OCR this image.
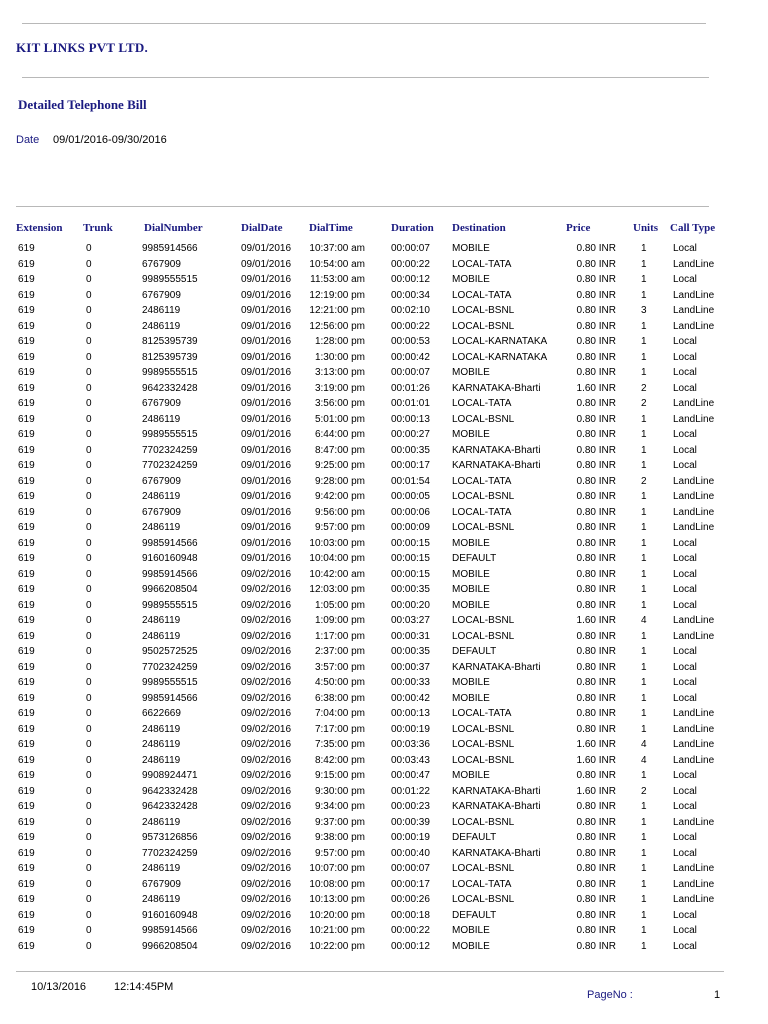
KIT LINKS PVT LTD.
Detailed Telephone Bill
Date 09/01/2016-09/30/2016
Extension Trunk	DialNumber	DialDate DialTime	Duration Destination	Price	Units Call Type
619	0	9985914566	09/01/2016 10:37:00 am	00:00:07 MOBILE	0.80 INR	1	Local
619	0	6767909	09/01/2016 10:54:00 am	00:00:22 LOCAL-TATA	0.80 INR	1	LandLine
619	0	9989555515	09/01/2016 11:53:00 am	00:00:12 MOBILE	0.80 INR	1	Local
619	0	6767909	09/01/2016 12:19:00 pm	00:00:34 LOCAL-TATA	0.80 INR	1	LandLine
619	0	2486119	09/01/2016 12:21:00 pm	00:02:10 LOCAL-BSNL	0.80 INR	3	LandLine
619	0	2486119	09/01/2016 12:56:00 pm	00:00:22 LOCAL-BSNL	0.80 INR	1	LandLine
619	0	8125395739	09/01/2016	1:28:00 pm	00:00:53 LOCAL-KARNATAKA	0.80 INR	1	Local
619	0	8125395739	09/01/2016	1:30:00 pm	00:00:42 LOCAL-KARNATAKA	0.80 INR	1	Local
619	0	9989555515	09/01/2016	3:13:00 pm	00:00:07 MOBILE	0.80 INR	1	Local
619	0	9642332428	09/01/2016	3:19:00 pm	00:01:26 KARNATAKA-Bharti	1.60 INR	2	Local
619	0	6767909	09/01/2016	3:56:00 pm	00:01:01 LOCAL-TATA	0.80 INR	2	LandLine
619	0	2486119	09/01/2016	5:01:00 pm	00:00:13 LOCAL-BSNL	0.80 INR	1	LandLine
619	0	9989555515	09/01/2016	6:44:00 pm	00:00:27 MOBILE	0.80 INR	1	Local
619	0	7702324259	09/01/2016	8:47:00 pm	00:00:35 KARNATAKA-Bharti	0.80 INR	1	Local
619	0	7702324259	09/01/2016	9:25:00 pm	00:00:17 KARNATAKA-Bharti	0.80 INR	1	Local
619	0	6767909	09/01/2016	9:28:00 pm	00:01:54 LOCAL-TATA	0.80 INR	2	LandLine
619	0	2486119	09/01/2016	9:42:00 pm	00:00:05 LOCAL-BSNL	0.80 INR	1	LandLine
619	0	6767909	09/01/2016	9:56:00 pm	00:00:06 LOCAL-TATA	0.80 INR	1	LandLine
619	0	2486119	09/01/2016	9:57:00 pm	00:00:09 LOCAL-BSNL	0.80 INR	1	LandLine
619	0	9985914566	09/01/2016 10:03:00 pm	00:00:15 MOBILE	0.80 INR	1	Local
619	0	9160160948	09/01/2016 10:04:00 pm	00:00:15 DEFAULT	0.80 INR	1	Local
619	0	9985914566	09/02/2016 10:42:00 am	00:00:15 MOBILE	0.80 INR	1	Local
619	0	9966208504	09/02/2016 12:03:00 pm	00:00:35 MOBILE	0.80 INR	1	Local
619	0	9989555515	09/02/2016	1:05:00 pm	00:00:20 MOBILE	0.80 INR	1	Local
619	0	2486119	09/02/2016	1:09:00 pm	00:03:27 LOCAL-BSNL	1.60 INR	4	LandLine
619	0	2486119	09/02/2016	1:17:00 pm	00:00:31 LOCAL-BSNL	0.80 INR	1	LandLine
619	0	9502572525	09/02/2016	2:37:00 pm	00:00:35 DEFAULT	0.80 INR	1	Local
619	0	7702324259	09/02/2016	3:57:00 pm	00:00:37 KARNATAKA-Bharti	0.80 INR	1	Local
619	0	9989555515	09/02/2016	4:50:00 pm	00:00:33 MOBILE	0.80 INR	1	Local
619	0	9985914566	09/02/2016	6:38:00 pm	00:00:42 MOBILE	0.80 INR	1	Local
619	0	6622669	09/02/2016	7:04:00 pm	00:00:13 LOCAL-TATA	0.80 INR	1	LandLine
619	0	2486119	09/02/2016	7:17:00 pm	00:00:19 LOCAL-BSNL	0.80 INR	1	LandLine
619	0	2486119	09/02/2016	7:35:00 pm	00:03:36 LOCAL-BSNL	1.60 INR	4	LandLine
619	0	2486119	09/02/2016	8:42:00 pm	00:03:43 LOCAL-BSNL	1.60 INR	4	LandLine
619	0	9908924471	09/02/2016	9:15:00 pm	00:00:47 MOBILE	0.80 INR	1	Local
619	0	9642332428	09/02/2016	9:30:00 pm	00:01:22 KARNATAKA-Bharti	1.60 INR	2	Local
619	0	9642332428	09/02/2016	9:34:00 pm	00:00:23 KARNATAKA-Bharti	0.80 INR	1	Local
619	0	2486119	09/02/2016	9:37:00 pm	00:00:39 LOCAL-BSNL	0.80 INR	1	LandLine
619	0	9573126856	09/02/2016	9:38:00 pm	00:00:19 DEFAULT	0.80 INR	1	Local
619	0	7702324259	09/02/2016	9:57:00 pm	00:00:40 KARNATAKA-Bharti	0.80 INR	1	Local
619	0	2486119	09/02/2016 10:07:00 pm	00:00:07 LOCAL-BSNL	0.80 INR	1	LandLine
619	0	6767909	09/02/2016 10:08:00 pm	00:00:17 LOCAL-TATA	0.80 INR	1	LandLine
619	0	2486119	09/02/2016 10:13:00 pm	00:00:26 LOCAL-BSNL	0.80 INR	1	LandLine
619	0	9160160948	09/02/2016 10:20:00 pm	00:00:18 DEFAULT	0.80 INR	1	Local
619	0	9985914566	09/02/2016 10:21:00 pm	00:00:22 MOBILE	0.80 INR	1	Local
619	0	9966208504	09/02/2016 10:22:00 pm	00:00:12 MOBILE	0.80 INR	1	Local
10/13/2016	12:14:45PM
PageNo :	1
